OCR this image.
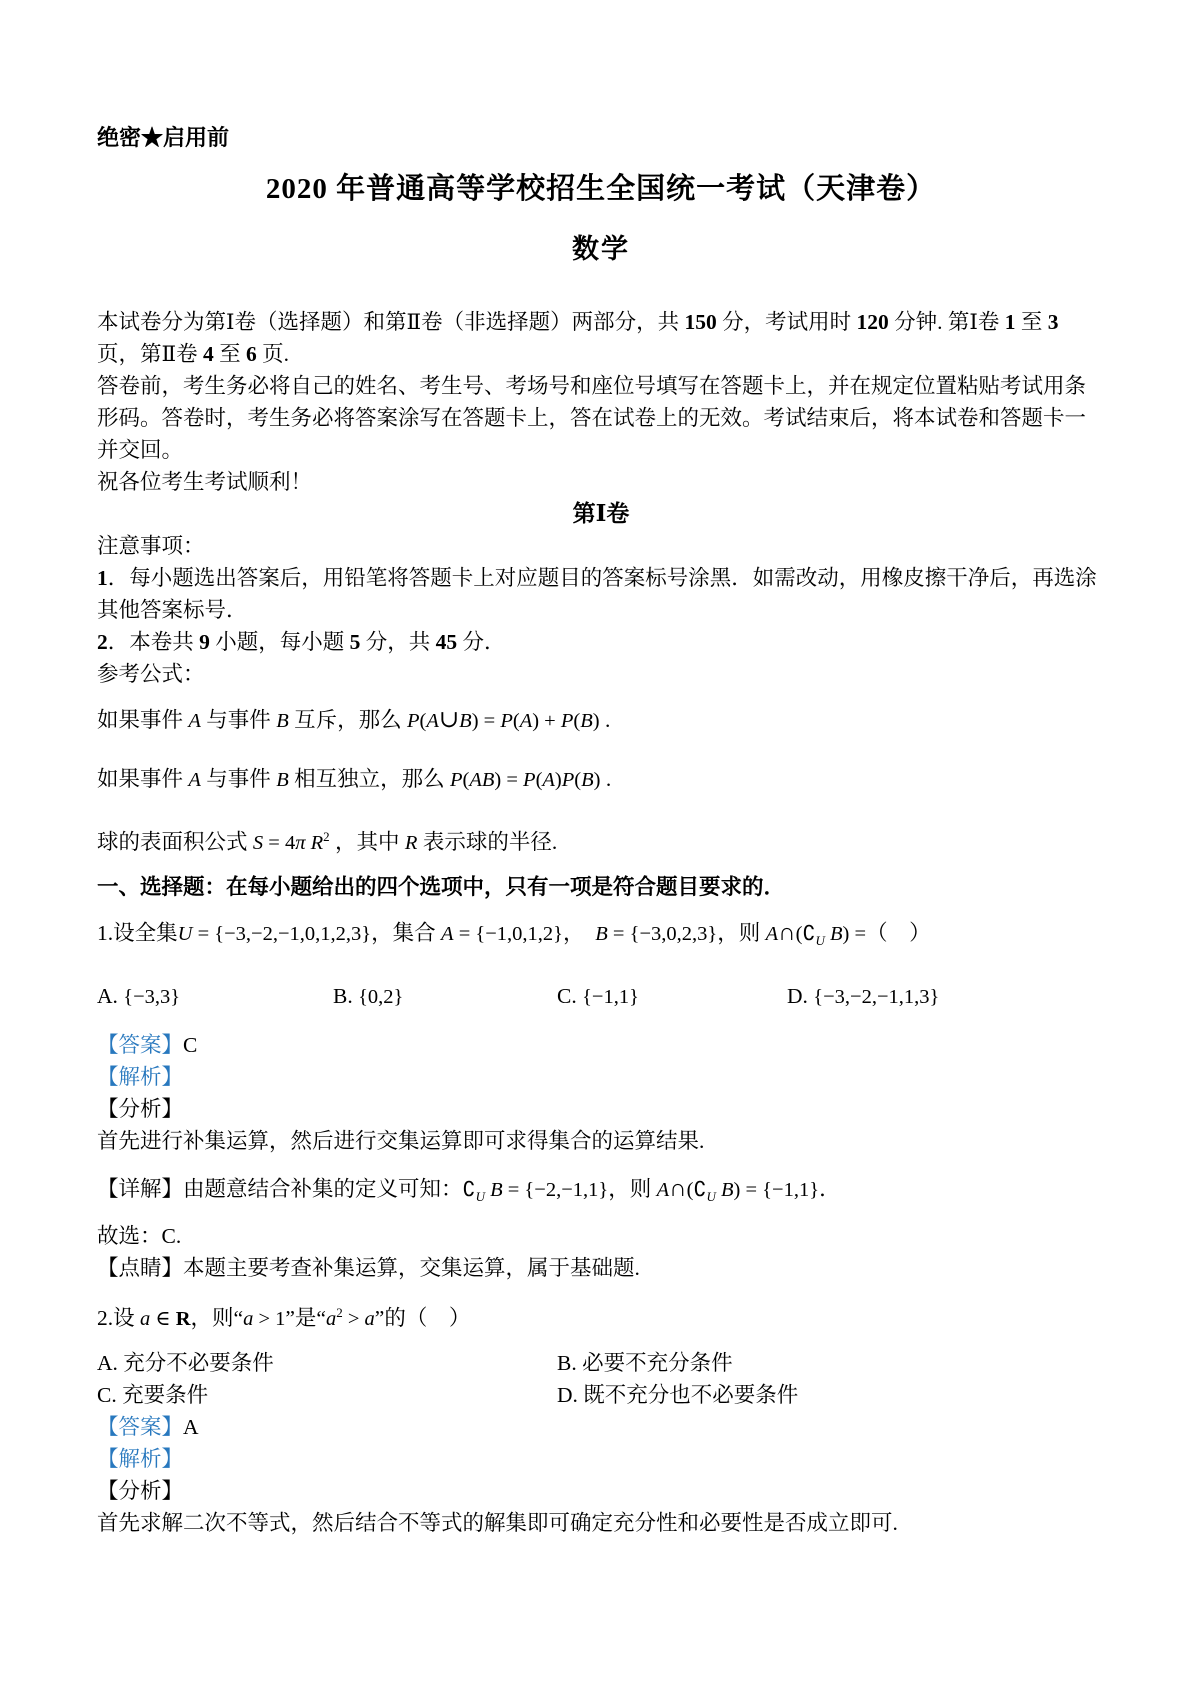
绝密★启用前
2020 年普通高等学校招生全国统一考试（天津卷）
数学

本试卷分为第Ⅰ卷（选择题）和第Ⅱ卷（非选择题）两部分，共 150 分，考试用时 120 分钟. 第Ⅰ卷 1 至 3 页，第Ⅱ卷 4 至 6 页.

答卷前，考生务必将自己的姓名、考生号、考场号和座位号填写在答题卡上，并在规定位置粘贴考试用条形码。答卷时，考生务必将答案涂写在答题卡上，答在试卷上的无效。考试结束后，将本试卷和答题卡一并交回。

祝各位考生考试顺利！

第Ⅰ卷

注意事项：

1．每小题选出答案后，用铅笔将答题卡上对应题目的答案标号涂黑．如需改动，用橡皮擦干净后，再选涂其他答案标号．

2．本卷共 9 小题，每小题 5 分，共 45 分．

参考公式：

如果事件 A 与事件 B 互斥，那么 P(A∪B) = P(A) + P(B) .

如果事件 A 与事件 B 相互独立，那么 P(AB) = P(A)P(B) .

球的表面积公式 S = 4π $R^2$ ，其中 R 表示球的半径.

一、选择题：在每小题给出的四个选项中，只有一项是符合题目要求的．

1.设全集U = {−3,−2,−1,0,1,2,3}，集合 A = {−1,0,1,2}，  B = {−3,0,2,3}，则 $A\cap(∁_U$ B) =（    ）

A. {−3,3}	B. {0,2}	C. {−1,1}	D. {−3,−2,−1,1,3}

【答案】C

【解析】

【分析】

首先进行补集运算，然后进行交集运算即可求得集合的运算结果.

【详解】由题意结合补集的定义可知：$∁_U$ B = {−2,−1,1}，则 $A\cap(∁_U$ B) = {−1,1}．

故选：C.

【点睛】本题主要考查补集运算，交集运算，属于基础题.

2.设 a ∈ R，则“a > 1”是“$a^2 > a$”的（    ）

A. 充分不必要条件	B. 必要不充分条件
C. 充要条件	D. 既不充分也不必要条件

【答案】A

【解析】

【分析】

首先求解二次不等式，然后结合不等式的解集即可确定充分性和必要性是否成立即可.
